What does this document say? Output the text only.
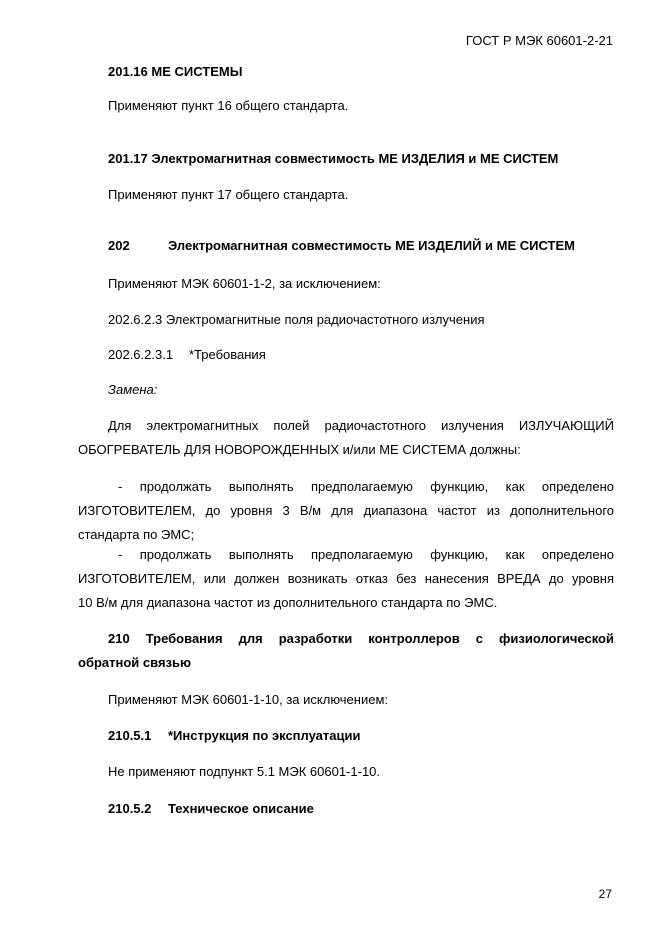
ГОСТ Р МЭК 60601-2-21
201.16 МЕ СИСТЕМЫ
Применяют пункт 16 общего стандарта.
201.17 Электромагнитная совместимость МЕ ИЗДЕЛИЯ и МЕ СИСТЕМ
Применяют пункт 17 общего стандарта.
202	Электромагнитная совместимость МЕ ИЗДЕЛИЙ и МЕ СИСТЕМ
Применяют МЭК 60601-1-2, за исключением:
202.6.2.3 Электромагнитные поля радиочастотного излучения
202.6.2.3.1 *Требования
Замена:
Для электромагнитных полей радиочастотного излучения ИЗЛУЧАЮЩИЙ
ОБОГРЕВАТЕЛЬ ДЛЯ НОВОРОЖДЕННЫХ и/или МЕ СИСТЕМА должны:
- продолжать выполнять предполагаемую функцию, как определено
ИЗГОТОВИТЕЛЕМ, до уровня 3 В/м для диапазона частот из дополнительного
стандарта по ЭМС;
- продолжать выполнять предполагаемую функцию, как определено
ИЗГОТОВИТЕЛЕМ, или должен возникать отказ без нанесения ВРЕДА до уровня
10 В/м для диапазона частот из дополнительного стандарта по ЭМС.
210 Требования для разработки контроллеров с физиологической
обратной связью
Применяют МЭК 60601-1-10, за исключением:
210.5.1 *Инструкция по эксплуатации
Не применяют подпункт 5.1 МЭК 60601-1-10.
210.5.2 Техническое описание
27
